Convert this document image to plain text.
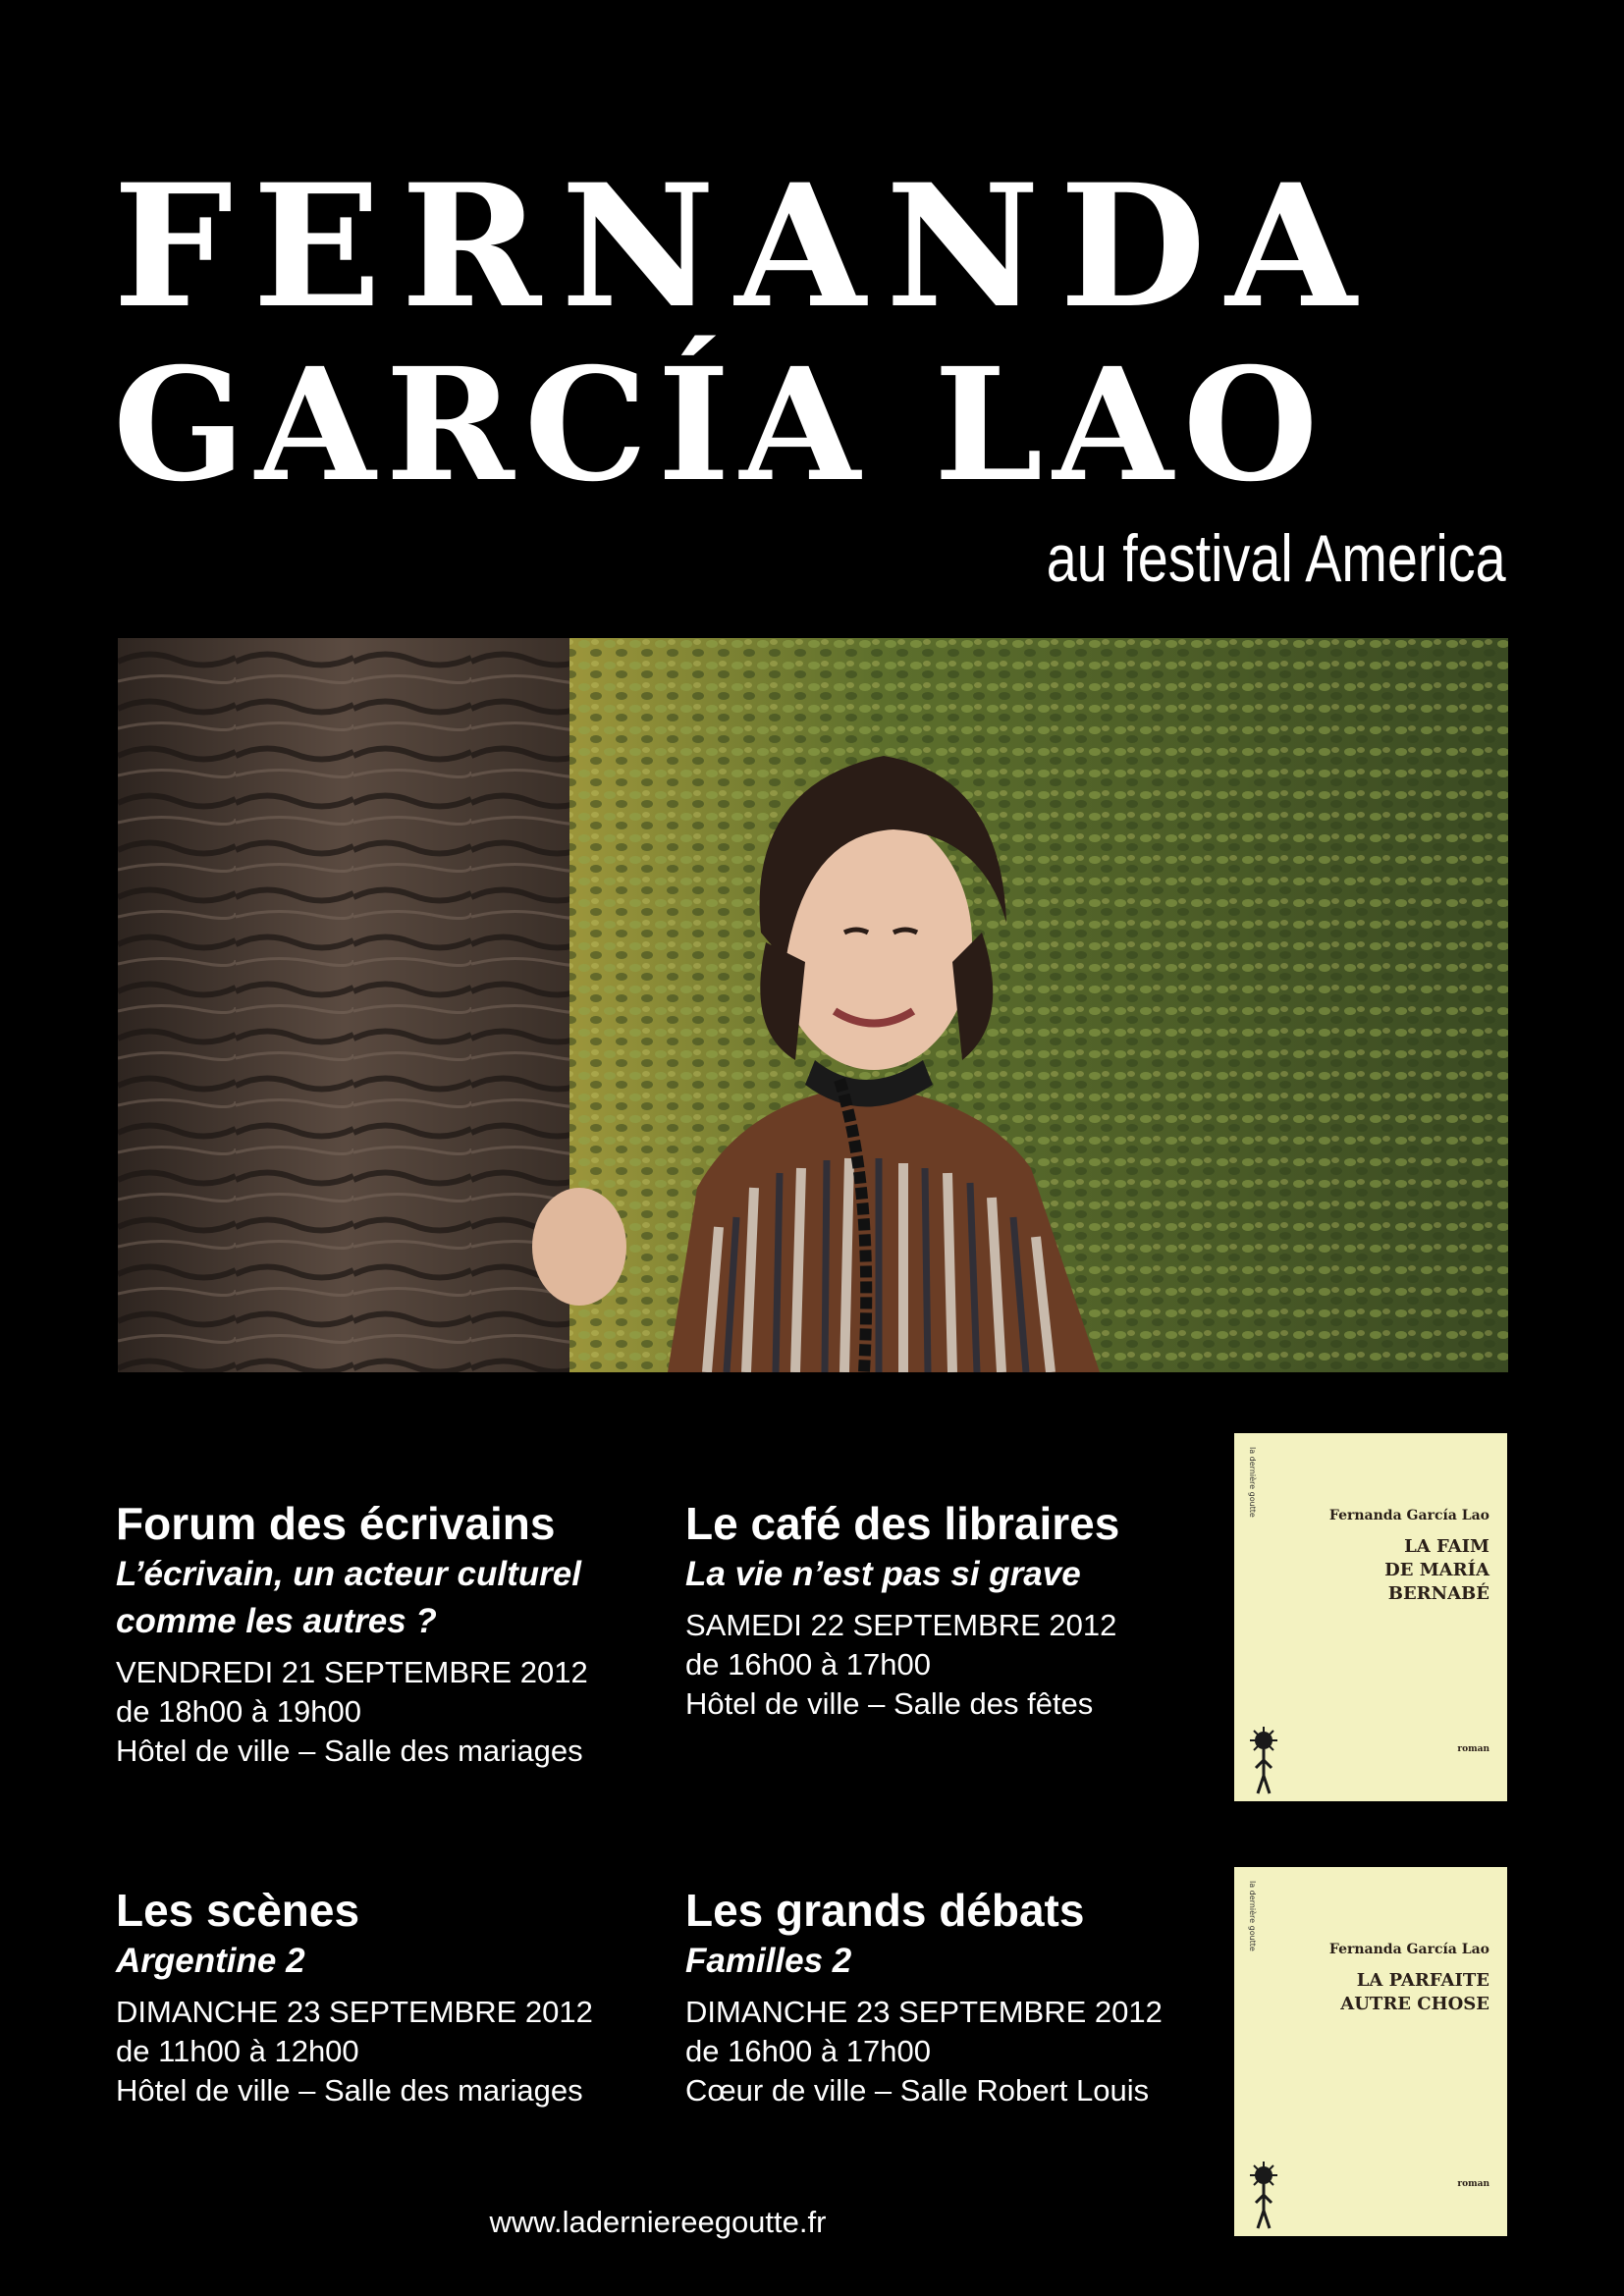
FERNANDA
GARCÍA LAO
au festival America
Forum des écrivains
L’écrivain, un acteur culturel comme les autres ?
VENDREDI 21 SEPTEMBRE 2012
de 18h00 à 19h00
Hôtel de ville – Salle des mariages
Le café des libraires
La vie n’est pas si grave
SAMEDI 22 SEPTEMBRE 2012
de 16h00 à 17h00
Hôtel de ville – Salle des fêtes
Les scènes
Argentine 2
DIMANCHE 23 SEPTEMBRE 2012
de 11h00 à 12h00
Hôtel de ville – Salle des mariages
Les grands débats
Familles 2
DIMANCHE 23 SEPTEMBRE 2012
de 16h00 à 17h00
Cœur de ville – Salle Robert Louis
la dernière goutte	Fernanda García Lao
LA FAIM
DE MARÍA
BERNABÉ
roman
la dernière goutte	Fernanda García Lao
LA PARFAITE
AUTRE CHOSE
roman
www.laderniereegoutte.fr
